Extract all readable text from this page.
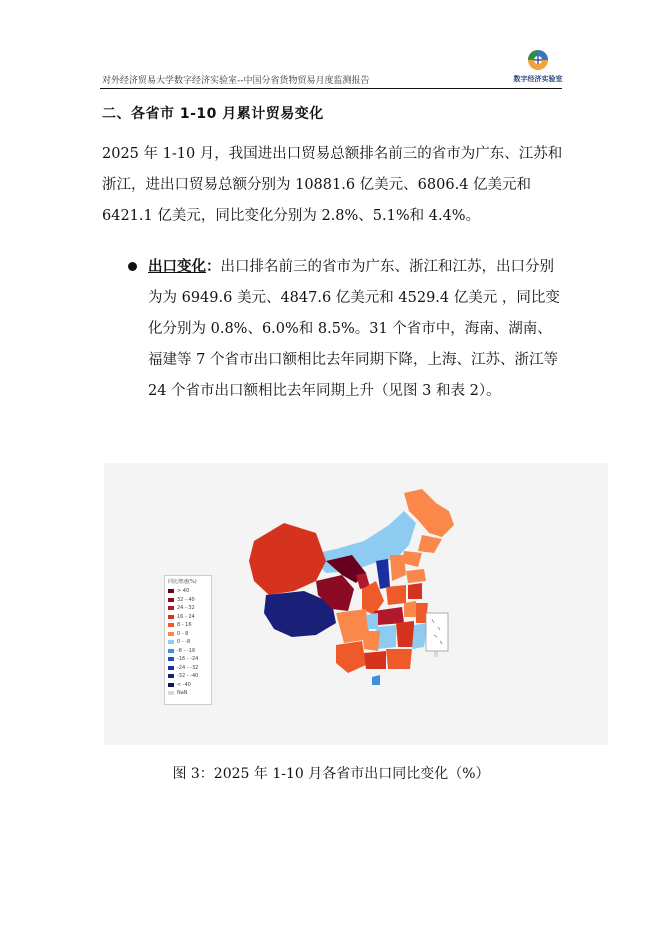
对外经济贸易大学数字经济实验室--中国分省货物贸易月度监测报告	数字经济实验室
二、各省市 1-10 月累计贸易变化

2025 年 1-10 月，我国进出口贸易总额排名前三的省市为广东、江苏和浙江，进出口贸易总额分别为 10881.6 亿美元、6806.4 亿美元和6421.1 亿美元，同比变化分别为 2.8%、5.1%和 4.4%。

出口变化：出口排名前三的省市为广东、浙江和江苏，出口分别为为 6949.6 美元、4847.6 亿美元和 4529.4 亿美元 ，同比变化分别为 0.8%、6.0%和 8.5%。31 个省市中，海南、湖南、福建等 7 个省市出口额相比去年同期下降，上海、江苏、浙江等 24 个省市出口额相比去年同期上升（见图 3 和表 2）。

同比增速(%)
> 40
32 - 40
24 - 32
16 - 24
8 - 16
0 - 8
0 - -8
-8 - -16
-16 - -24
-24 - -32
-32 - -40
< -40
NaN
图 3：2025 年 1-10 月各省市出口同比变化（%）
